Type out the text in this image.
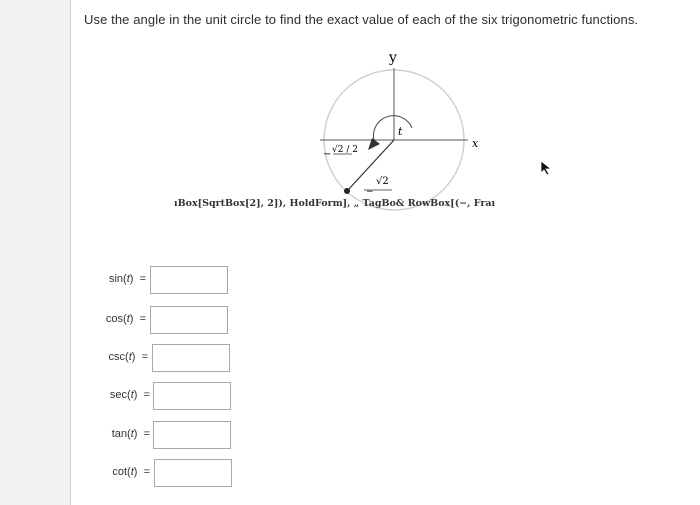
Use the angle in the unit circle to find the exact value of each of the six trigonometric functions.
y
x
t
− √2 / 2
√2
−
ıBox[SqrtBox[2], 2]), HoldForm], „ TagBo& RowBox[(−, Fraı
sin(t)  =
cos(t)  =
csc(t)  =
sec(t)  =
tan(t)  =
cot(t)  =
